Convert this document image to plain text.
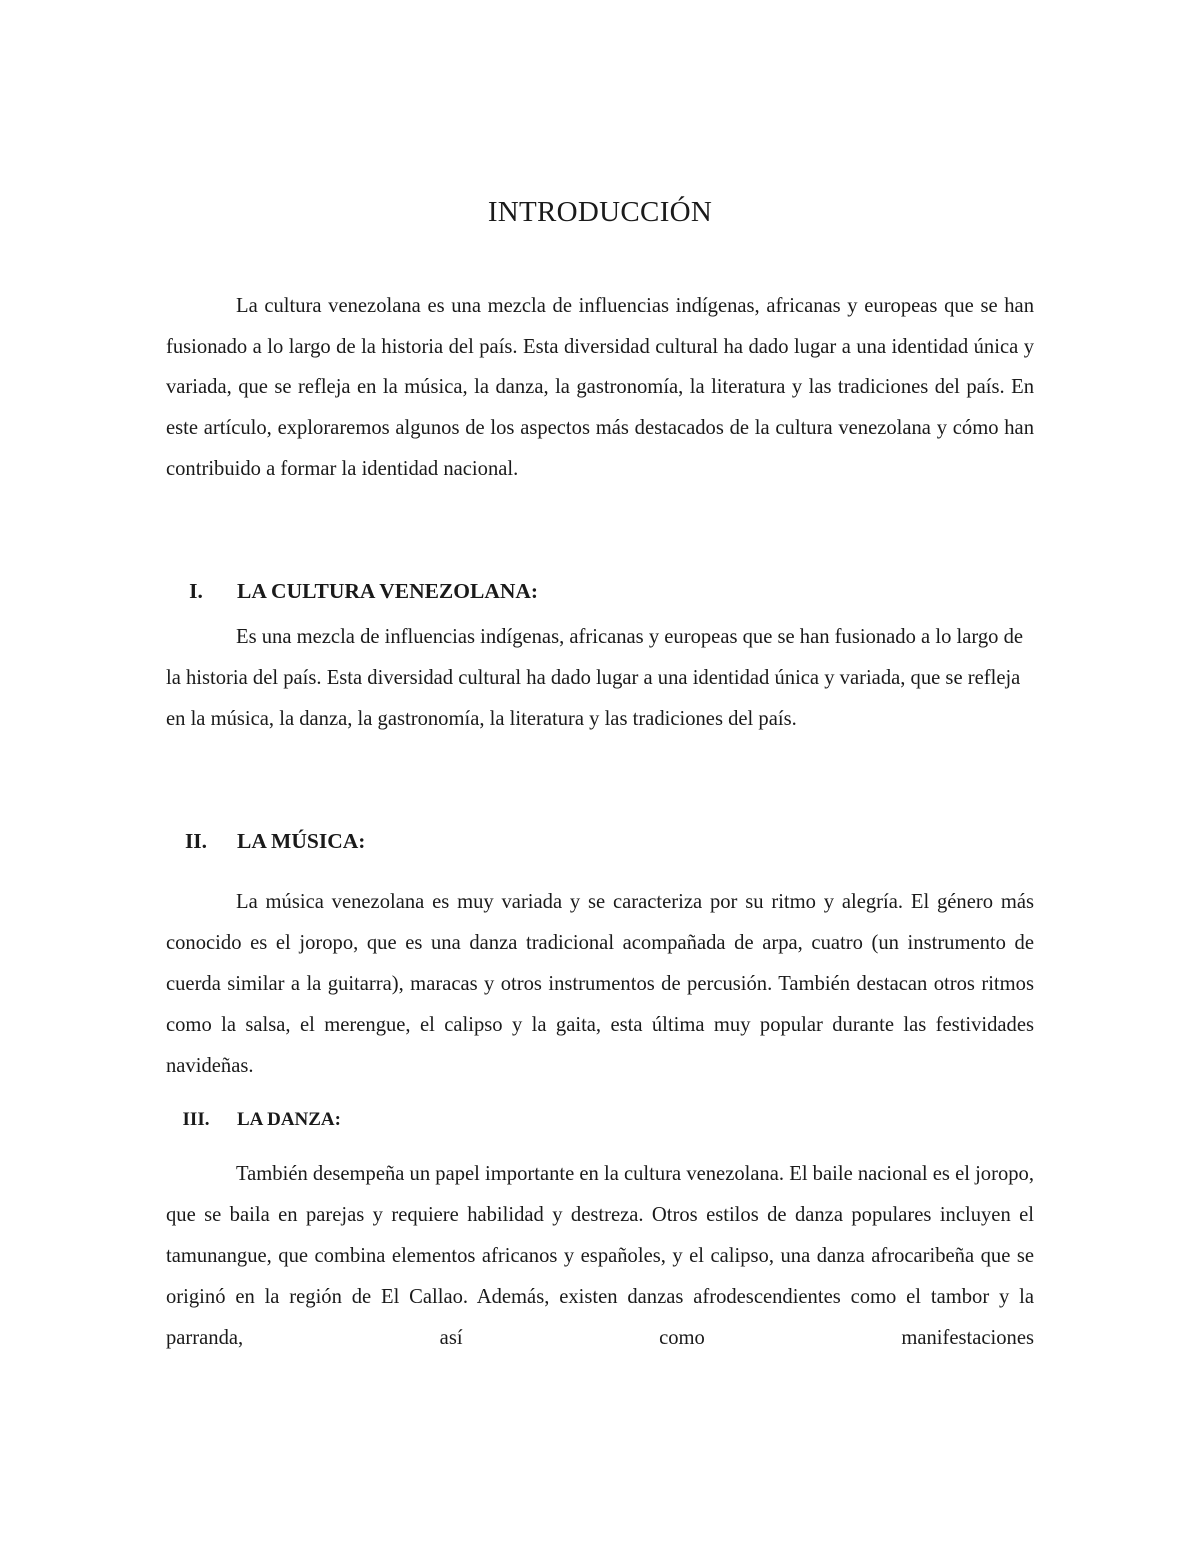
INTRODUCCIÓN

La cultura venezolana es una mezcla de influencias indígenas, africanas y europeas que se han fusionado a lo largo de la historia del país. Esta diversidad cultural ha dado lugar a una identidad única y variada, que se refleja en la música, la danza, la gastronomía, la literatura y las tradiciones del país. En este artículo, exploraremos algunos de los aspectos más destacados de la cultura venezolana y cómo han contribuido a formar la identidad nacional.

I.	LA CULTURA VENEZOLANA:

Es una mezcla de influencias indígenas, africanas y europeas que se han fusionado a lo largo de la historia del país. Esta diversidad cultural ha dado lugar a una identidad única y variada, que se refleja en la música, la danza, la gastronomía, la literatura y las tradiciones del país.

II.	LA MÚSICA:

La música venezolana es muy variada y se caracteriza por su ritmo y alegría. El género más conocido es el joropo, que es una danza tradicional acompañada de arpa, cuatro (un instrumento de cuerda similar a la guitarra), maracas y otros instrumentos de percusión. También destacan otros ritmos como la salsa, el merengue, el calipso y la gaita, esta última muy popular durante las festividades navideñas.

III.	LA DANZA:

También desempeña un papel importante en la cultura venezolana. El baile nacional es el joropo, que se baila en parejas y requiere habilidad y destreza. Otros estilos de danza populares incluyen el tamunangue, que combina elementos africanos y españoles, y el calipso, una danza afrocaribeña que se originó en la región de El Callao. Además, existen danzas afrodescendientes como el tambor y la parranda, así como manifestaciones
